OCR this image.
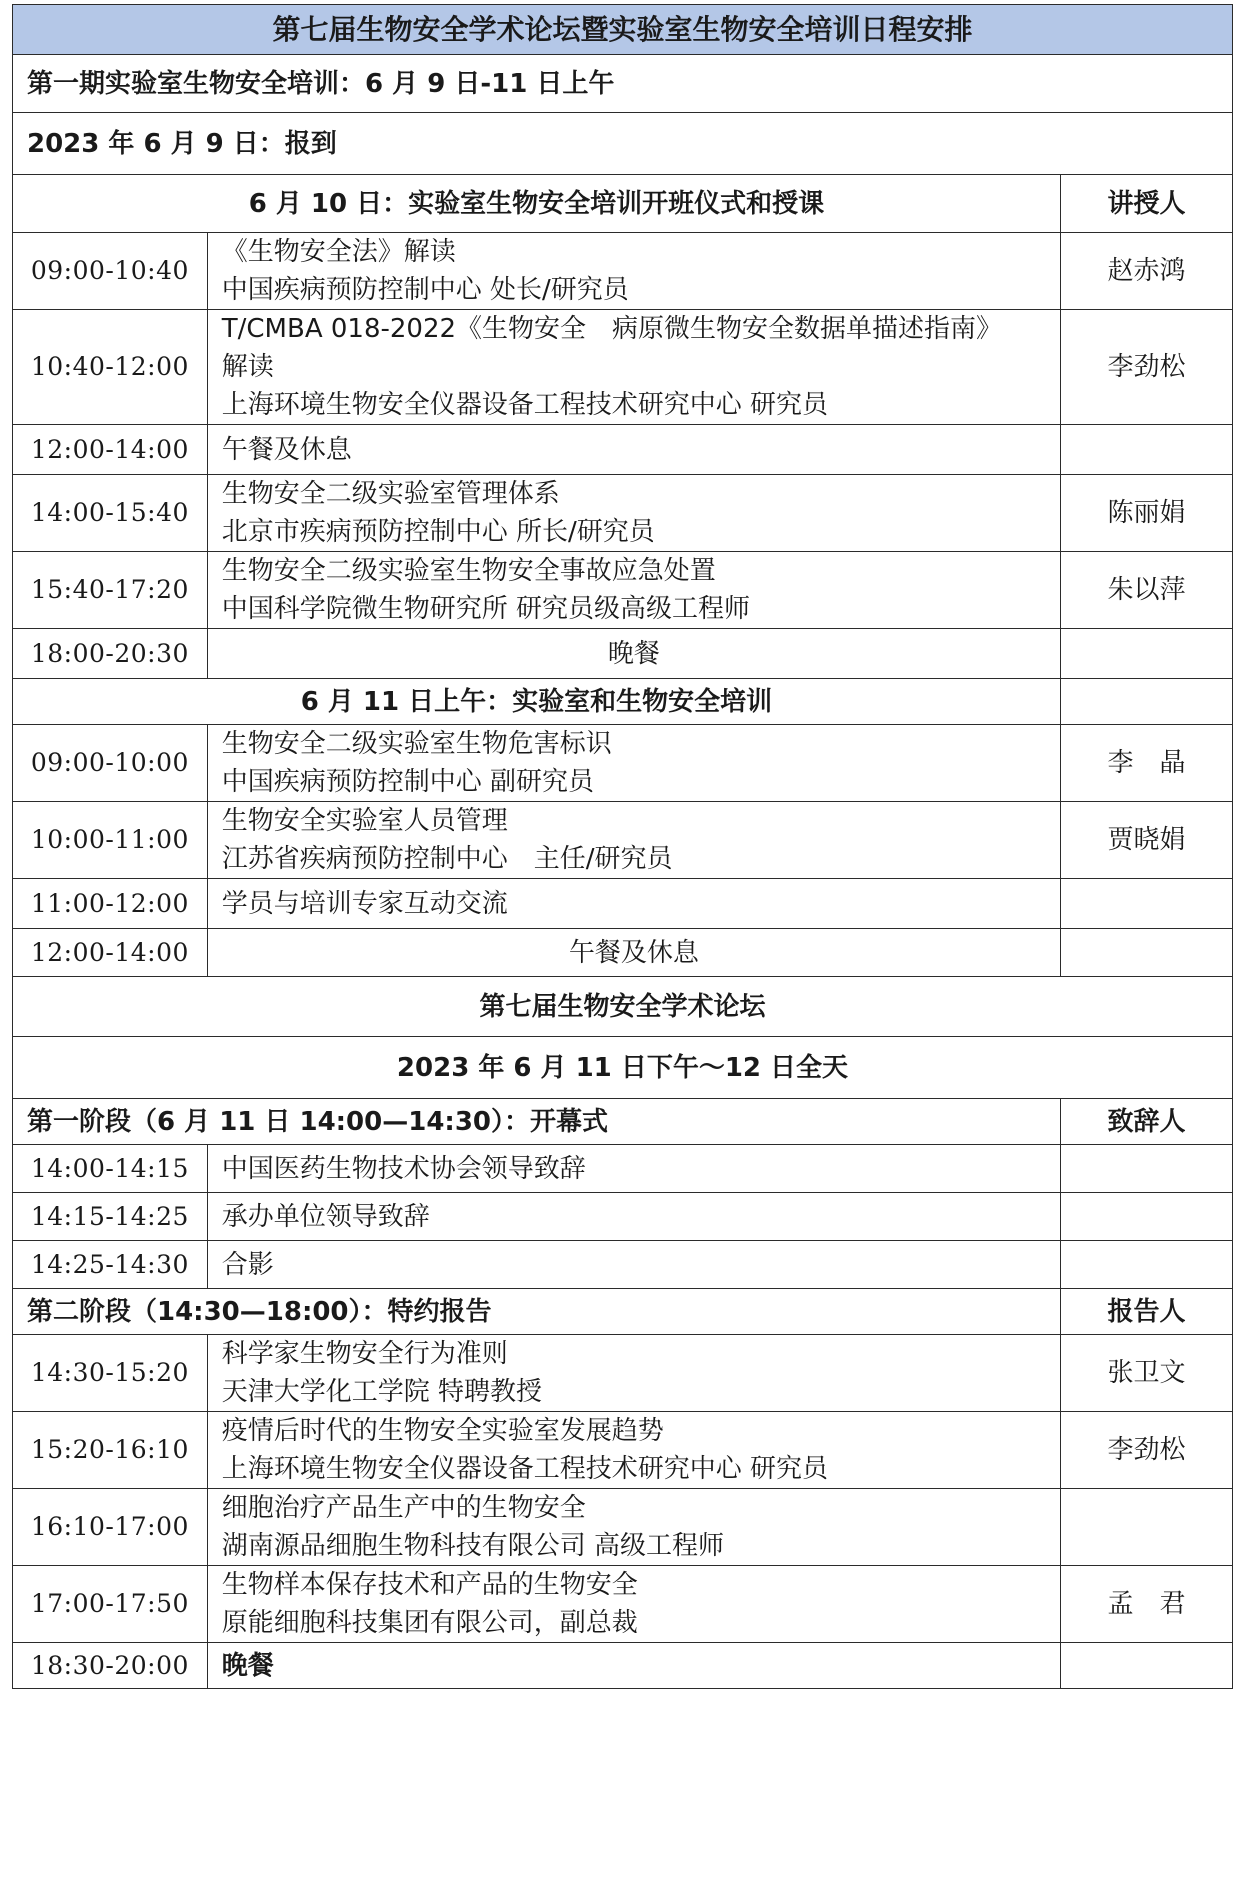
第七届生物安全学术论坛暨实验室生物安全培训日程安排		
第一期实验室生物安全培训：6 月 9 日-11 日上午		
2023 年 6 月 9 日：报到		
6 月 10 日：实验室生物安全培训开班仪式和授课		讲授人
09:00-10:40	《生物安全法》解读
中国疾病预防控制中心 处长/研究员	赵赤鸿
10:40-12:00	T/CMBA 018-2022《生物安全　病原微生物安全数据单描述指南》
解读
上海环境生物安全仪器设备工程技术研究中心 研究员	李劲松
12:00-14:00	午餐及休息	

14:00-15:40	生物安全二级实验室管理体系
北京市疾病预防控制中心 所长/研究员	陈丽娟
15:40-17:20	生物安全二级实验室生物安全事故应急处置
中国科学院微生物研究所 研究员级高级工程师	朱以萍
18:00-20:30	晚餐	

6 月 11 日上午：实验室和生物安全培训		
09:00-10:00	生物安全二级实验室生物危害标识
中国疾病预防控制中心 副研究员	李　晶
10:00-11:00	生物安全实验室人员管理
江苏省疾病预防控制中心　主任/研究员	贾晓娟
11:00-12:00	学员与培训专家互动交流	

12:00-14:00	午餐及休息	

第七届生物安全学术论坛		
2023 年 6 月 11 日下午～12 日全天		
第一阶段（6 月 11 日 14:00—14:30）：开幕式		致辞人
14:00-14:15	中国医药生物技术协会领导致辞	

14:15-14:25	承办单位领导致辞	

14:25-14:30	合影	

第二阶段（14:30—18:00）：特约报告		报告人
14:30-15:20	科学家生物安全行为准则
天津大学化工学院 特聘教授	张卫文
15:20-16:10	疫情后时代的生物安全实验室发展趋势
上海环境生物安全仪器设备工程技术研究中心 研究员	李劲松
16:10-17:00	细胞治疗产品生产中的生物安全
湖南源品细胞生物科技有限公司 高级工程师	

17:00-17:50	生物样本保存技术和产品的生物安全
原能细胞科技集团有限公司，副总裁	孟　君
18:30-20:00	晚餐	
